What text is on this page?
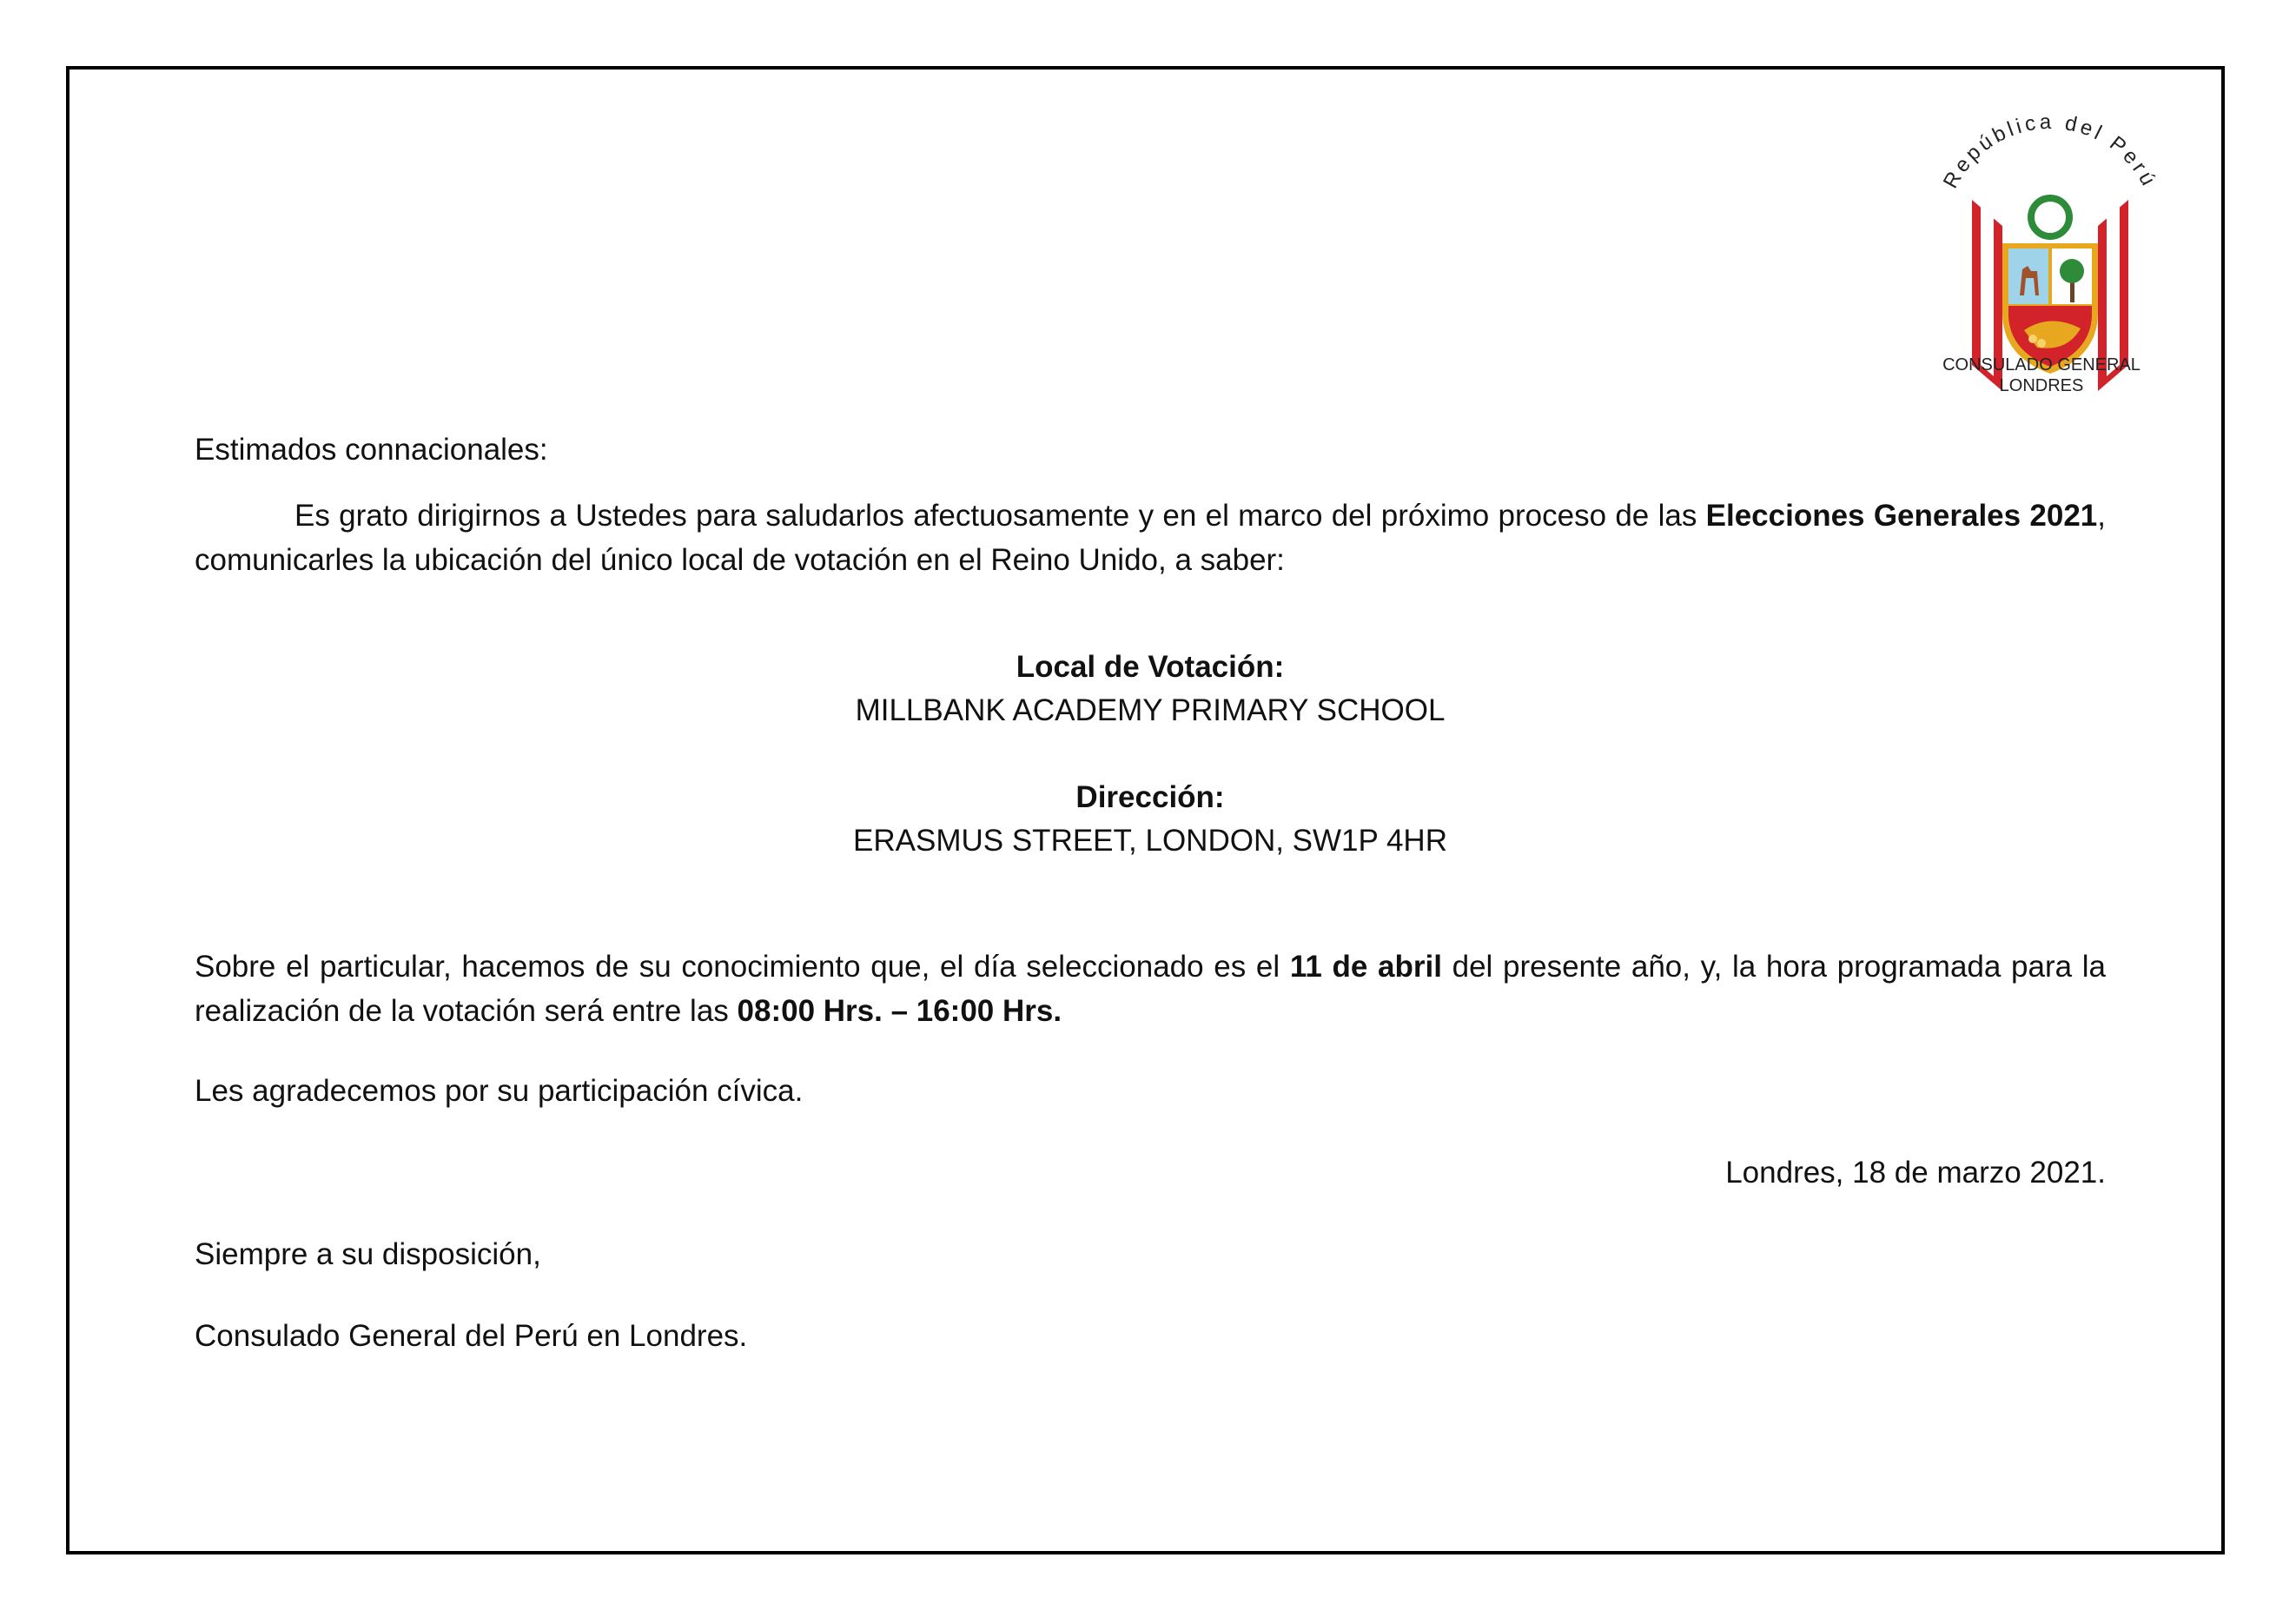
República del Perú
CONSULADO GENERAL
LONDRES
Estimados connacionales:
Es grato dirigirnos a Ustedes para saludarlos afectuosamente y en el marco del próximo proceso de las Elecciones Generales 2021, comunicarles la ubicación del único local de votación en el Reino Unido, a saber:
Local de Votación:
MILLBANK ACADEMY PRIMARY SCHOOL
Dirección:
ERASMUS STREET, LONDON, SW1P 4HR
Sobre el particular, hacemos de su conocimiento que, el día seleccionado es el 11 de abril del presente año, y, la hora programada para la realización de la votación será entre las 08:00 Hrs. – 16:00 Hrs.
Les agradecemos por su participación cívica.
Londres, 18 de marzo 2021.
Siempre a su disposición,
Consulado General del Perú en Londres.
